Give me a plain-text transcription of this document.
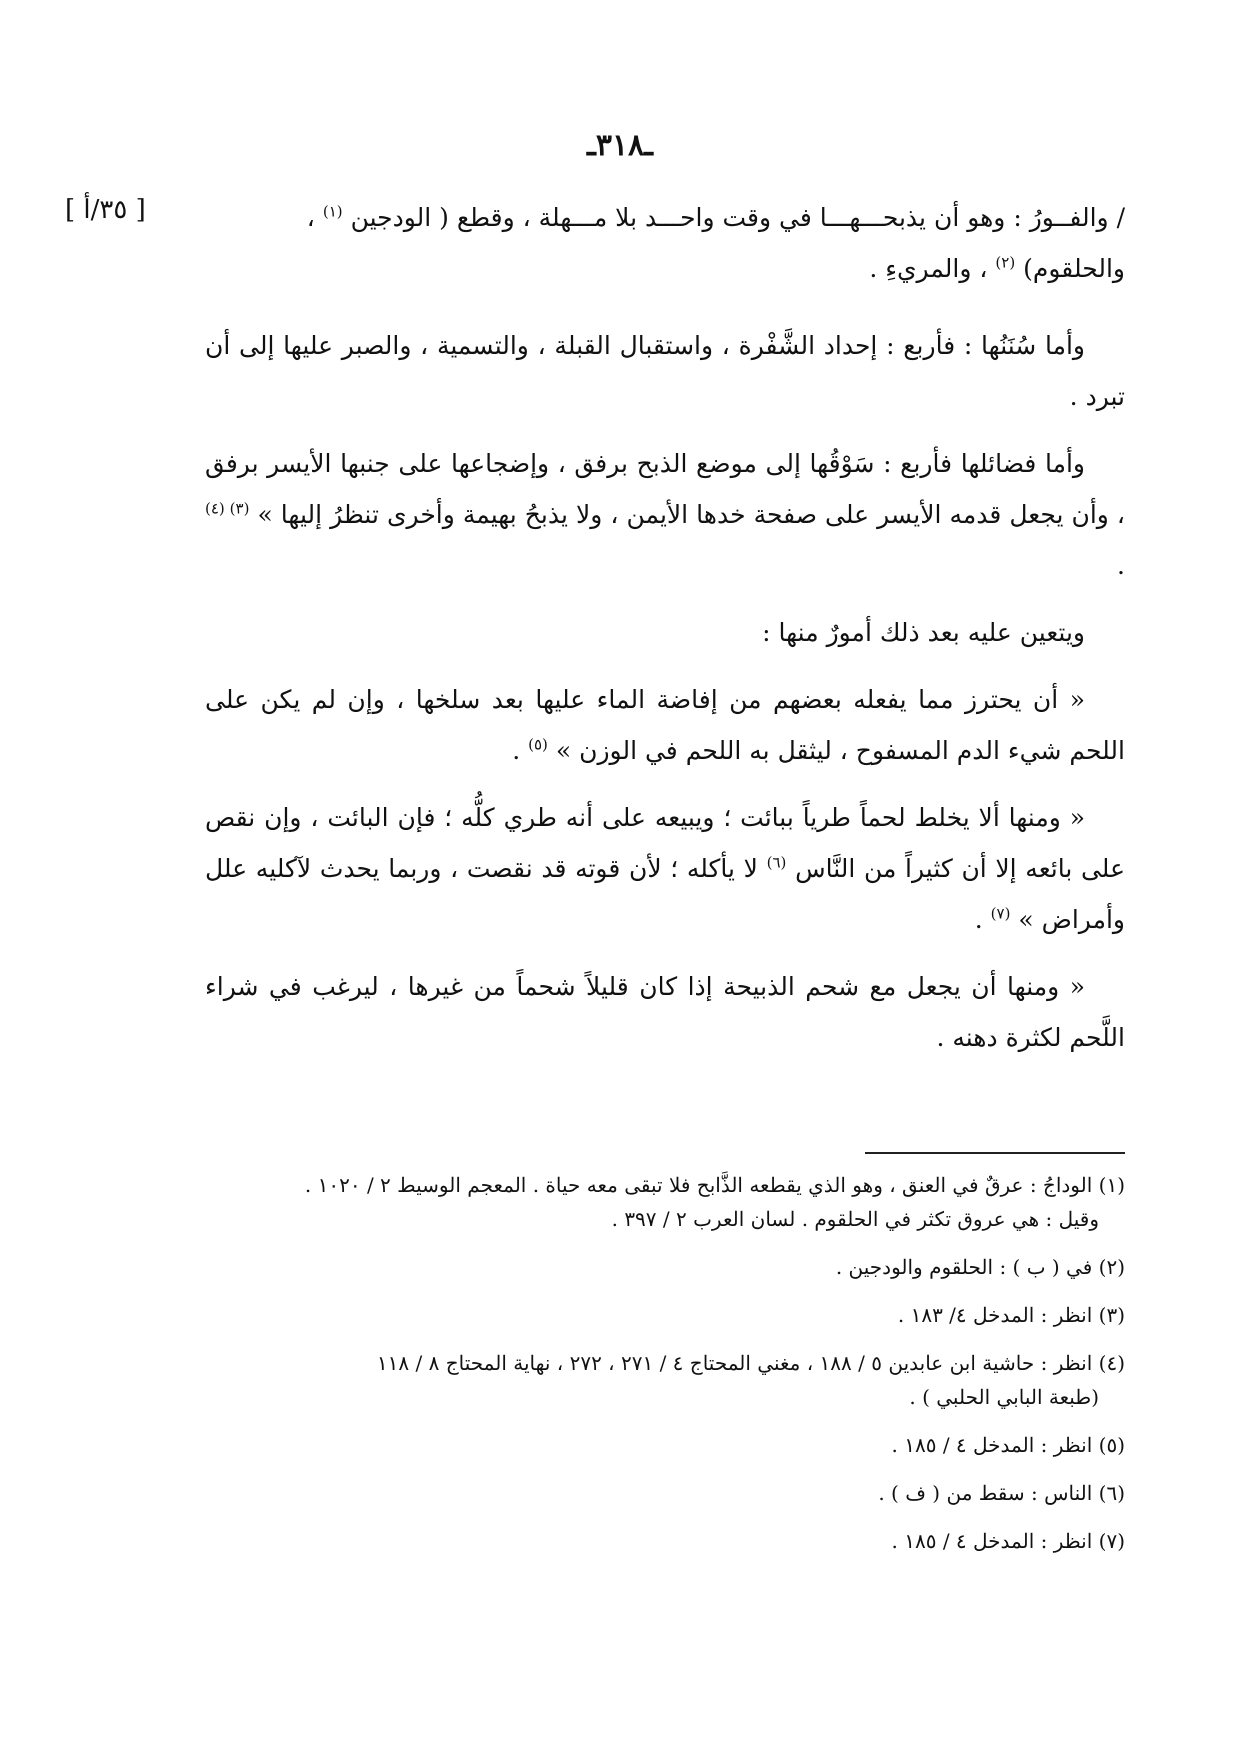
ـ٣١٨ـ
[ ٣٥/أ ]	/ والفــورُ : وهو أن يذبحـــهـــا في وقت واحـــد بلا مـــهلة ، وقطع ( الودجين $^{(١)}$ ،
والحلقوم) $^{(٢)}$ ، والمريءِ .

وأما سُنَنُها : فأربع : إحداد الشَّفْرة ، واستقبال القبلة ، والتسمية ، والصبر عليها إلى أن تبرد .

وأما فضائلها فأربع : سَوْقُها إلى موضع الذبح برفق ، وإضجاعها على جنبها الأيسر برفق ، وأن يجعل قدمه الأيسر على صفحة خدها الأيمن ، ولا يذبحُ بهيمة وأخرى تنظرُ إليها » $^{(٣) (٤)}$ .

ويتعين عليه بعد ذلك أمورٌ منها :

« أن يحترز مما يفعله بعضهم من إفاضة الماء عليها بعد سلخها ، وإن لم يكن على اللحم شيء الدم المسفوح ، ليثقل به اللحم في الوزن » $^{(٥)}$ .

« ومنها ألا يخلط لحماً طرياً ببائت ؛ ويبيعه على أنه طري كلُّه ؛ فإن البائت ، وإن نقص على بائعه إلا أن كثيراً من النَّاس $^{(٦)}$ لا يأكله ؛ لأن قوته قد نقصت ، وربما يحدث لآكليه علل وأمراض » $^{(٧)}$ .

« ومنها أن يجعل مع شحم الذبيحة إذا كان قليلاً شحماً من غيرها ، ليرغب في شراء اللَّحم لكثرة دهنه .

(١) الوداجُ : عرقٌ في العنق ، وهو الذي يقطعه الذَّابح فلا تبقى معه حياة . المعجم الوسيط ٢ / ١٠٢٠ .
وقيل : هي عروق تكثر في الحلقوم . لسان العرب ٢ / ٣٩٧ .
(٢) في ( ب ) : الحلقوم والودجين .
(٣) انظر : المدخل ٤/ ١٨٣ .
(٤) انظر : حاشية ابن عابدين ٥ / ١٨٨ ، مغني المحتاج ٤ / ٢٧١ ، ٢٧٢ ، نهاية المحتاج ٨ / ١١٨
(طبعة البابي الحلبي ) .
(٥) انظر : المدخل ٤ / ١٨٥ .
(٦) الناس : سقط من ( ف ) .
(٧) انظر : المدخل ٤ / ١٨٥ .
